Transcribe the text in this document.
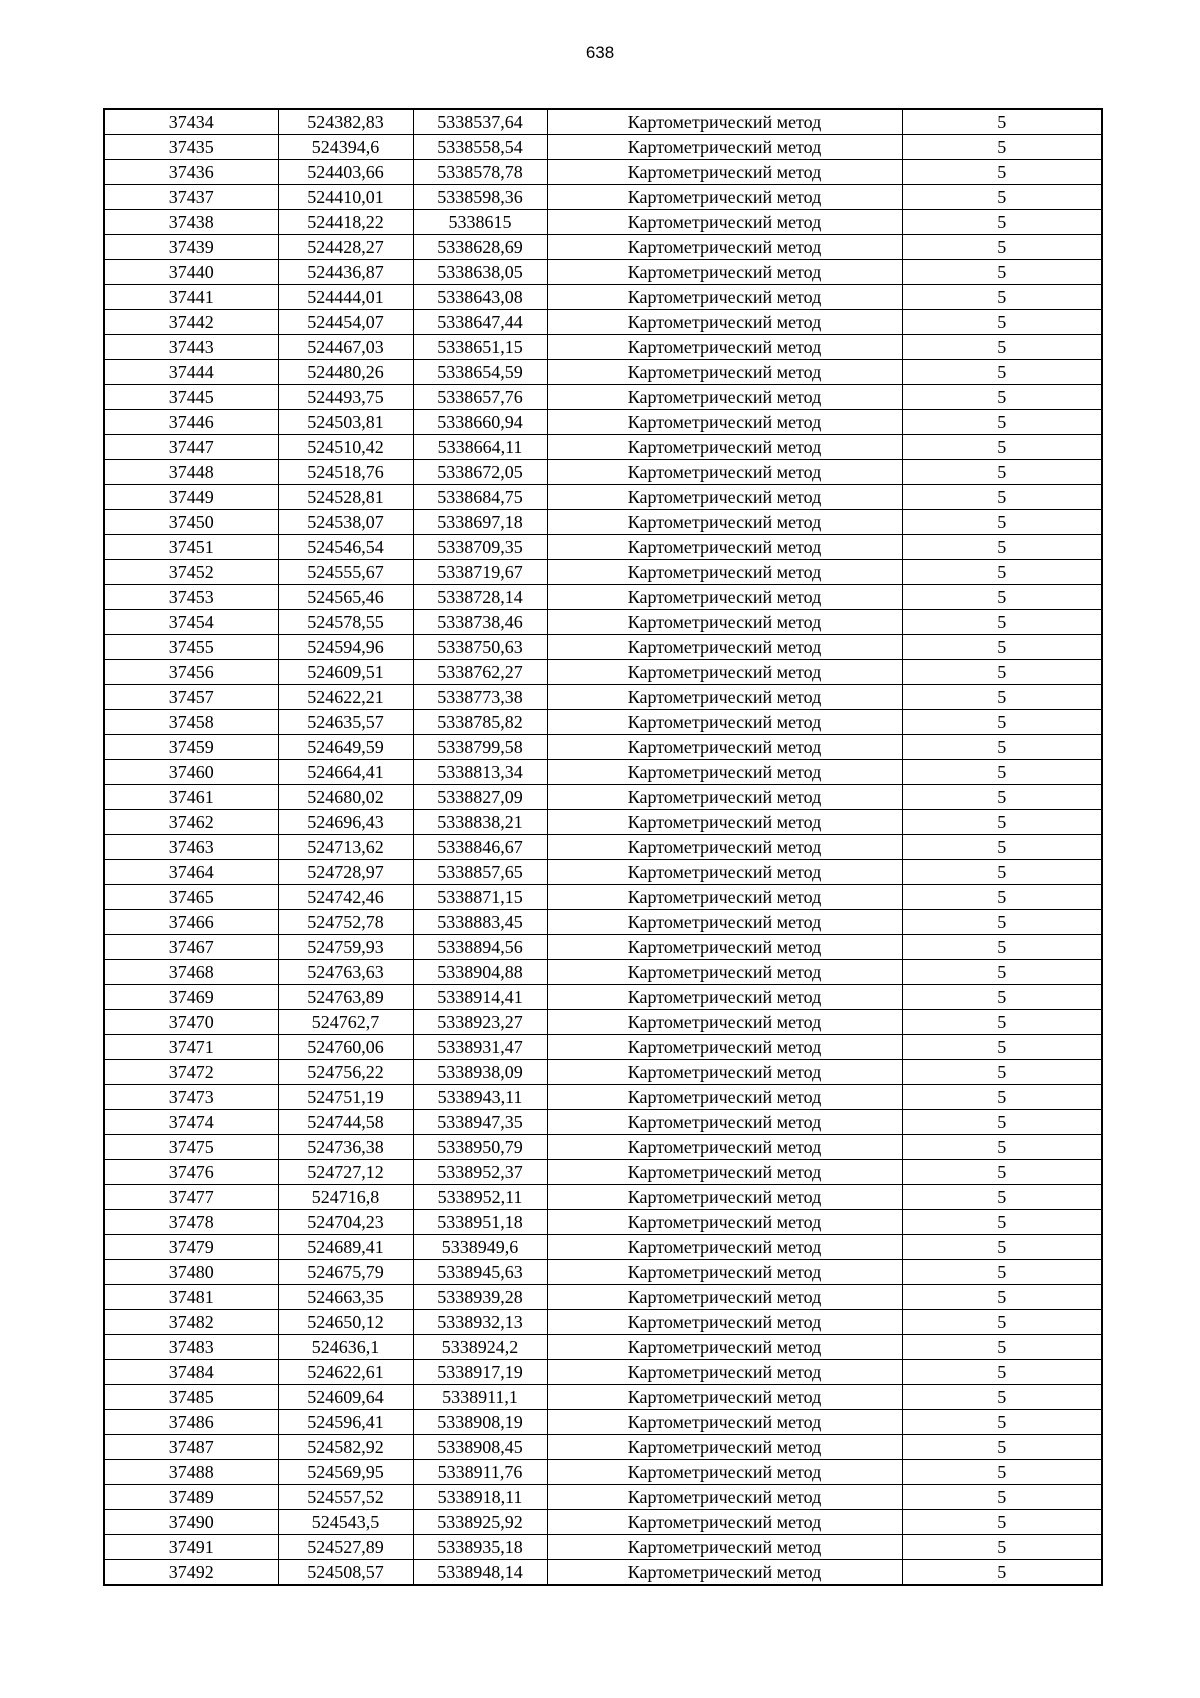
638
37434	524382,83	5338537,64	Картометрический метод	5
37435	524394,6	5338558,54	Картометрический метод	5
37436	524403,66	5338578,78	Картометрический метод	5
37437	524410,01	5338598,36	Картометрический метод	5
37438	524418,22	5338615	Картометрический метод	5
37439	524428,27	5338628,69	Картометрический метод	5
37440	524436,87	5338638,05	Картометрический метод	5
37441	524444,01	5338643,08	Картометрический метод	5
37442	524454,07	5338647,44	Картометрический метод	5
37443	524467,03	5338651,15	Картометрический метод	5
37444	524480,26	5338654,59	Картометрический метод	5
37445	524493,75	5338657,76	Картометрический метод	5
37446	524503,81	5338660,94	Картометрический метод	5
37447	524510,42	5338664,11	Картометрический метод	5
37448	524518,76	5338672,05	Картометрический метод	5
37449	524528,81	5338684,75	Картометрический метод	5
37450	524538,07	5338697,18	Картометрический метод	5
37451	524546,54	5338709,35	Картометрический метод	5
37452	524555,67	5338719,67	Картометрический метод	5
37453	524565,46	5338728,14	Картометрический метод	5
37454	524578,55	5338738,46	Картометрический метод	5
37455	524594,96	5338750,63	Картометрический метод	5
37456	524609,51	5338762,27	Картометрический метод	5
37457	524622,21	5338773,38	Картометрический метод	5
37458	524635,57	5338785,82	Картометрический метод	5
37459	524649,59	5338799,58	Картометрический метод	5
37460	524664,41	5338813,34	Картометрический метод	5
37461	524680,02	5338827,09	Картометрический метод	5
37462	524696,43	5338838,21	Картометрический метод	5
37463	524713,62	5338846,67	Картометрический метод	5
37464	524728,97	5338857,65	Картометрический метод	5
37465	524742,46	5338871,15	Картометрический метод	5
37466	524752,78	5338883,45	Картометрический метод	5
37467	524759,93	5338894,56	Картометрический метод	5
37468	524763,63	5338904,88	Картометрический метод	5
37469	524763,89	5338914,41	Картометрический метод	5
37470	524762,7	5338923,27	Картометрический метод	5
37471	524760,06	5338931,47	Картометрический метод	5
37472	524756,22	5338938,09	Картометрический метод	5
37473	524751,19	5338943,11	Картометрический метод	5
37474	524744,58	5338947,35	Картометрический метод	5
37475	524736,38	5338950,79	Картометрический метод	5
37476	524727,12	5338952,37	Картометрический метод	5
37477	524716,8	5338952,11	Картометрический метод	5
37478	524704,23	5338951,18	Картометрический метод	5
37479	524689,41	5338949,6	Картометрический метод	5
37480	524675,79	5338945,63	Картометрический метод	5
37481	524663,35	5338939,28	Картометрический метод	5
37482	524650,12	5338932,13	Картометрический метод	5
37483	524636,1	5338924,2	Картометрический метод	5
37484	524622,61	5338917,19	Картометрический метод	5
37485	524609,64	5338911,1	Картометрический метод	5
37486	524596,41	5338908,19	Картометрический метод	5
37487	524582,92	5338908,45	Картометрический метод	5
37488	524569,95	5338911,76	Картометрический метод	5
37489	524557,52	5338918,11	Картометрический метод	5
37490	524543,5	5338925,92	Картометрический метод	5
37491	524527,89	5338935,18	Картометрический метод	5
37492	524508,57	5338948,14	Картометрический метод	5
